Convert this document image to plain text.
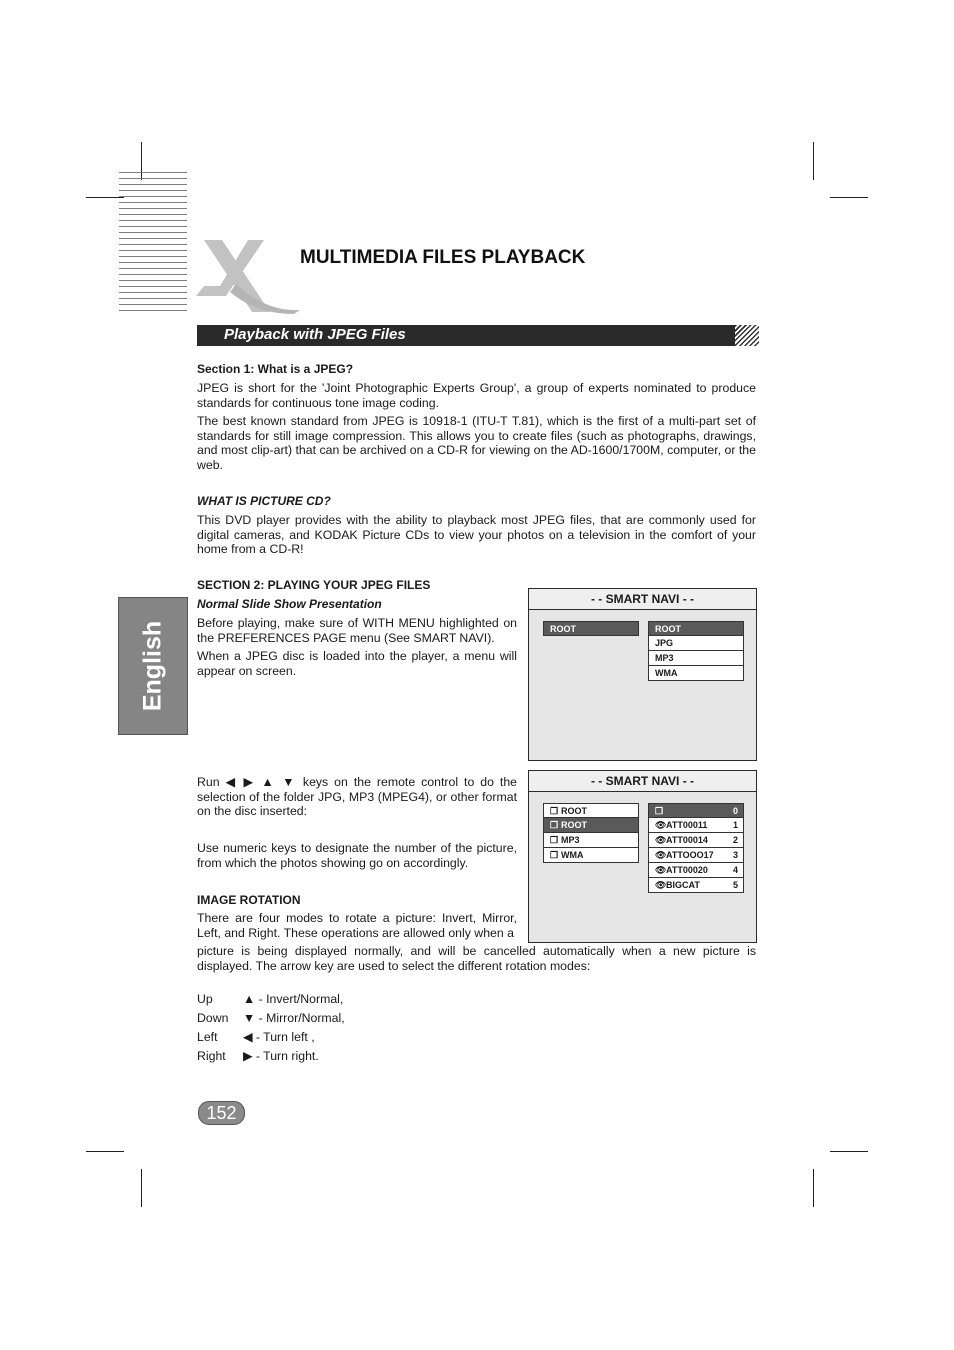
MULTIMEDIA FILES PLAYBACK
Playback with JPEG Files
English
Section 1: What is a JPEG?
JPEG is short for the 'Joint Photographic Experts Group', a group of experts nominated to produce standards for continuous tone image coding.
The best known standard from JPEG is 10918-1 (ITU-T T.81), which is the first of a multi-part set of standards for still image compression. This allows you to create files (such as photographs, drawings, and most clip-art) that can be archived on a CD-R for viewing on the AD-1600/1700M, computer, or the web.
WHAT IS PICTURE CD?
This DVD player provides with the ability to playback most JPEG files, that are commonly used for digital cameras, and KODAK Picture CDs to view your photos on a television in the comfort of your home from a CD-R!
SECTION 2: PLAYING YOUR JPEG FILES
Normal Slide Show Presentation
Before playing, make sure of WITH MENU highlighted on the PREFERENCES PAGE menu (See SMART NAVI).
When a JPEG disc is loaded into the player, a menu will appear on screen.
Run ◀ ▶ ▲ ▼ keys on the remote control to do the selection of the folder JPG, MP3 (MPEG4), or other format on the disc inserted:
Use numeric keys to designate the number of the picture, from which the photos showing go on accordingly.
IMAGE ROTATION
There are four modes to rotate a picture: Invert, Mirror, Left, and Right. These operations are allowed only when a
picture is being displayed normally, and will be cancelled automatically when a new picture is displayed. The arrow key are used to select the different rotation modes:
Up ▲ - Invert/Normal,
Down ▼ - Mirror/Normal,
Left ◀ - Turn left ,
Right ▶ - Turn right.
- - SMART NAVI - -
ROOT	ROOT
JPG
MP3
WMA
- - SMART NAVI - -
❐ ROOT
❐ ROOT
❐ MP3
❐ WMA
❐	0
👁ATT00011	1
👁ATT00014	2
👁ATTOOO17 3
👁ATT00020	4
👁BIGCAT	5
152
